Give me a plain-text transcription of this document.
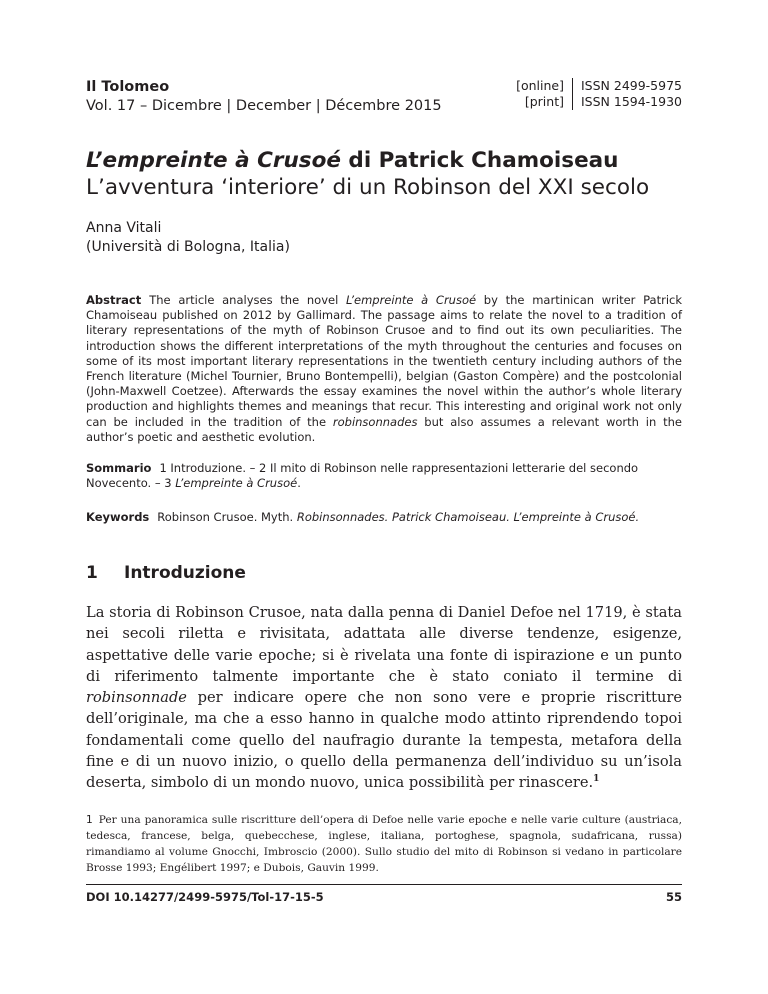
Il Tolomeo
Vol. 17 – Dicembre | December | Décembre 2015
[online]	ISSN 2499-5975
[print]	ISSN 1594-1930
L’empreinte à Crusoé di Patrick Chamoiseau
L’avventura ‘interiore’ di un Robinson del XXI secolo
Anna Vitali
(Università di Bologna, Italia)
Abstract The article analyses the novel L’empreinte à Crusoé by the martinican writer Patrick Chamoiseau published on 2012 by Gallimard. The passage aims to relate the novel to a tradition of literary representations of the myth of Robinson Crusoe and to find out its own peculiarities. The introduction shows the different interpretations of the myth throughout the centuries and focuses on some of its most important literary representations in the twentieth century including authors of the French literature (Michel Tournier, Bruno Bontempelli), belgian (Gaston Compère) and the postcolonial (John-Maxwell Coetzee). Afterwards the essay examines the novel within the author’s whole literary production and highlights themes and meanings that recur. This interesting and original work not only can be included in the tradition of the robinsonnades but also assumes a relevant worth in the author’s poetic and aesthetic evolution.
Sommario 1 Introduzione. – 2 Il mito di Robinson nelle rappresentazioni letterarie del secondo Novecento. – 3 L’empreinte à Crusoé.
Keywords Robinson Crusoe. Myth. Robinsonnades. Patrick Chamoiseau. L’empreinte à Crusoé.
1 Introduzione
La storia di Robinson Crusoe, nata dalla penna di Daniel Defoe nel 1719, è stata nei secoli riletta e rivisitata, adattata alle diverse tendenze, esigenze, aspettative delle varie epoche; si è rivelata una fonte di ispirazione e un punto di riferimento talmente importante che è stato coniato il termine di robinsonnade per indicare opere che non sono vere e proprie riscritture dell’originale, ma che a esso hanno in qualche modo attinto riprendendo topoi fondamentali come quello del naufragio durante la tempesta, metafora della fine e di un nuovo inizio, o quello della permanenza dell’individuo su un’isola deserta, simbolo di un mondo nuovo, unica possibilità per rinascere.$^1$
1 Per una panoramica sulle riscritture dell’opera di Defoe nelle varie epoche e nelle varie culture (austriaca, tedesca, francese, belga, quebecchese, inglese, italiana, portoghese, spagnola, sudafricana, russa) rimandiamo al volume Gnocchi, Imbroscio (2000). Sullo studio del mito di Robinson si vedano in particolare Brosse 1993; Engélibert 1997; e Dubois, Gauvin 1999.
DOI 10.14277/2499-5975/Tol-17-15-5	55
